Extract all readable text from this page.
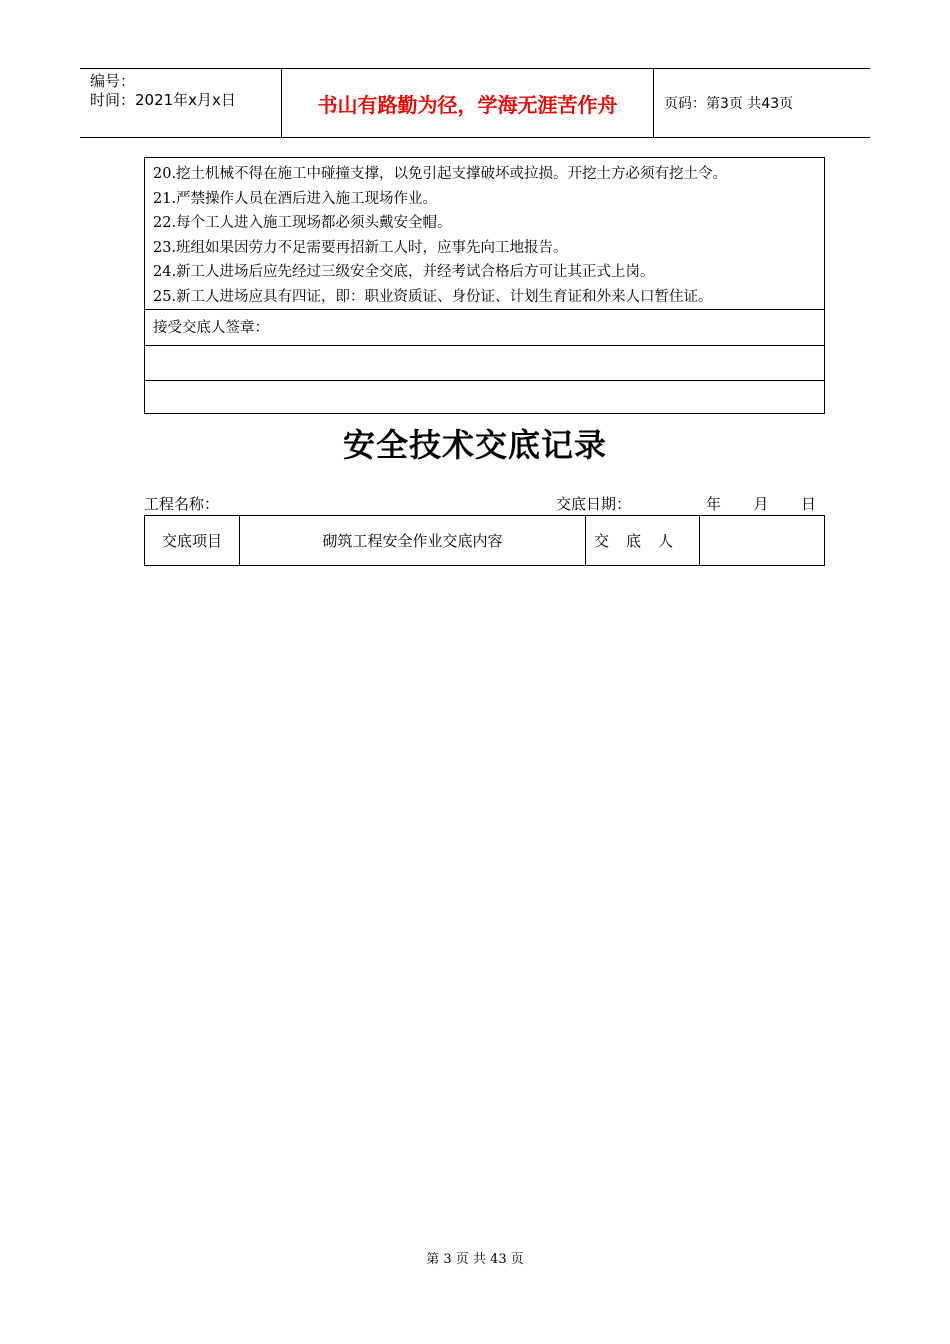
编号：
时间：2021年x月x日	书山有路勤为径，学海无涯苦作舟	页码：第3页 共43页
20.挖土机械不得在施工中碰撞支撑，以免引起支撑破坏或拉损。开挖土方必须有挖土令。
21.严禁操作人员在酒后进入施工现场作业。
22.每个工人进入施工现场都必须头戴安全帽。
23.班组如果因劳力不足需要再招新工人时，应事先向工地报告。
24.新工人进场后应先经过三级安全交底，并经考试合格后方可让其正式上岗。
25.新工人进场应具有四证，即：职业资质证、身份证、计划生育证和外来人口暂住证。
接受交底人签章：
安全技术交底记录
工程名称：	交底日期：	年 月 日
交底项目	砌筑工程安全作业交底内容	交　底　人
第 3 页 共 43 页
